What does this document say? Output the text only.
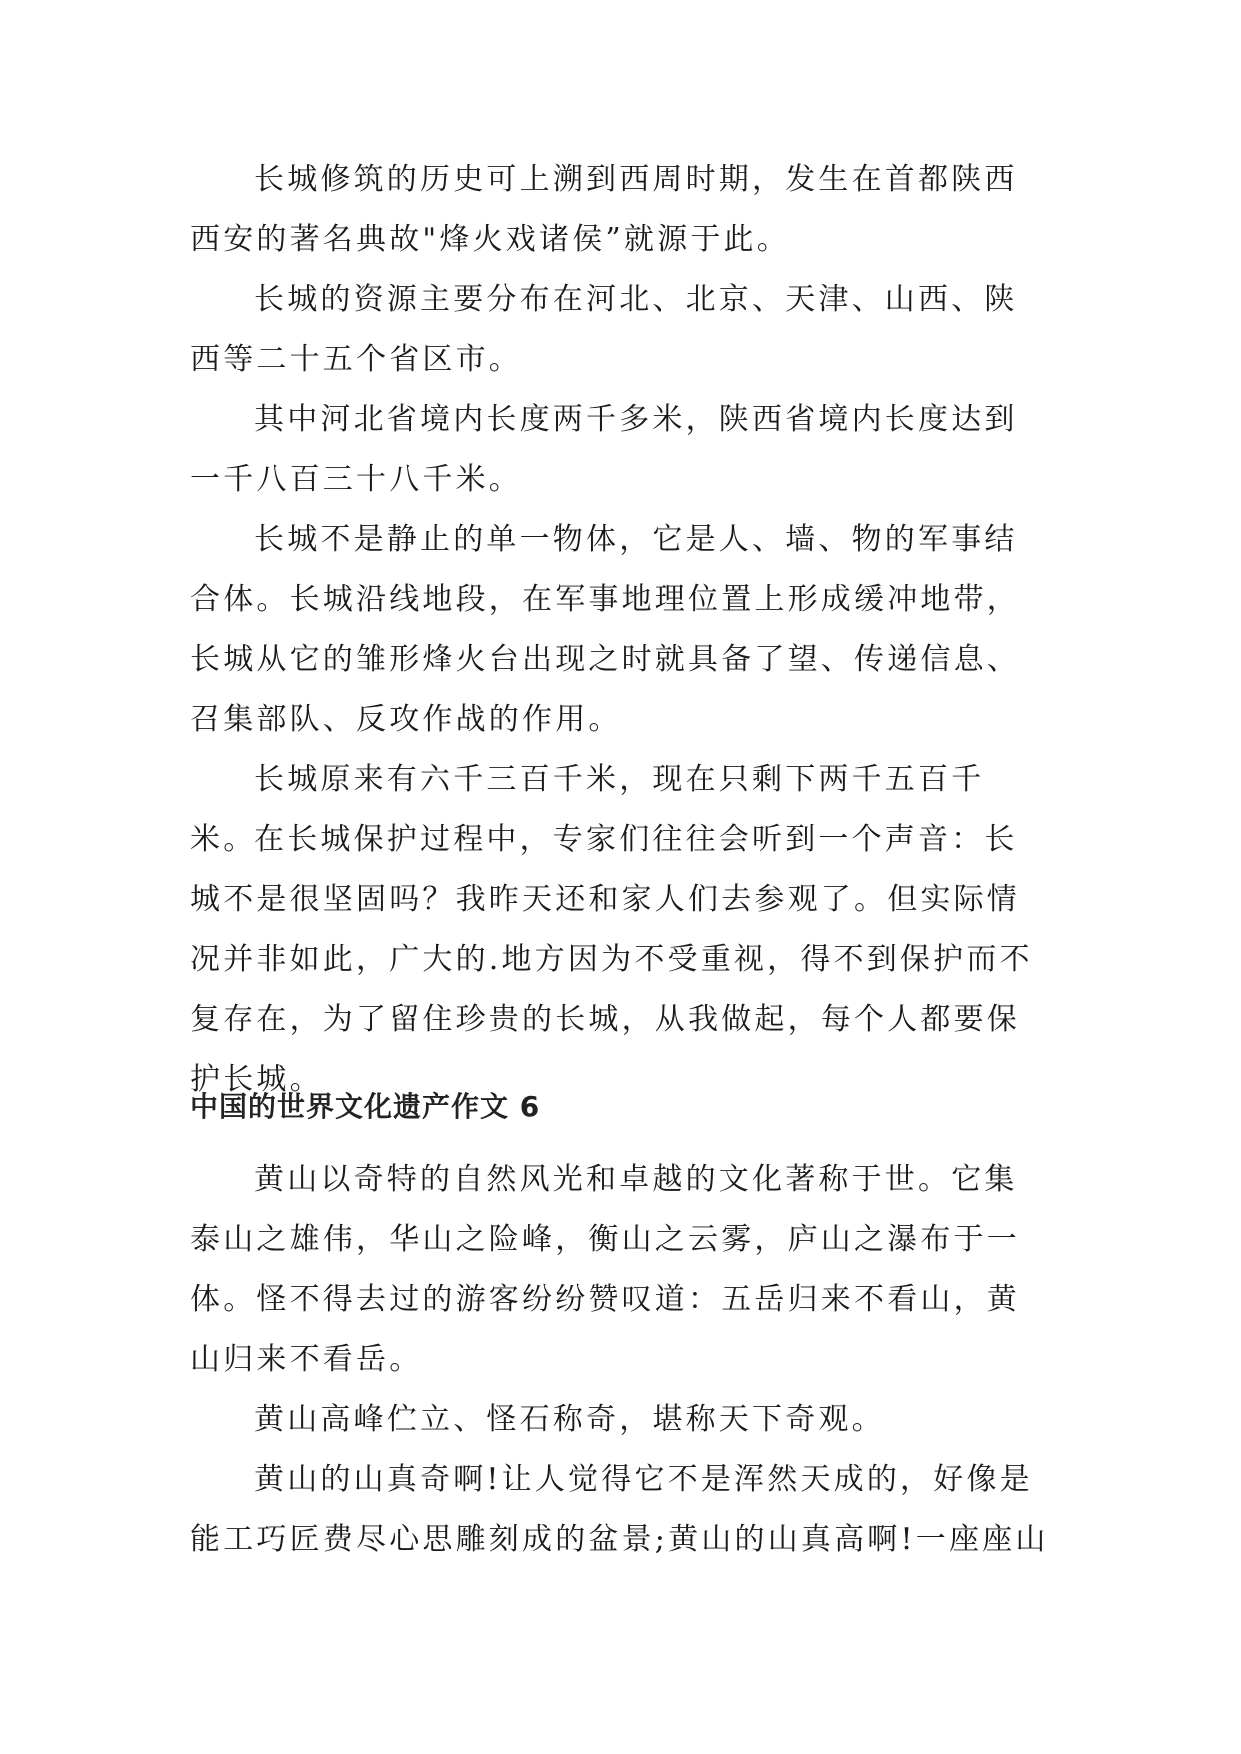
长城修筑的历史可上溯到西周时期，发生在首都陕西西安的著名典故"烽火戏诸侯”就源于此。

长城的资源主要分布在河北、北京、天津、山西、陕西等二十五个省区市。

其中河北省境内长度两千多米，陕西省境内长度达到一千八百三十八千米。

长城不是静止的单一物体，它是人、墙、物的军事结合体。长城沿线地段，在军事地理位置上形成缓冲地带，长城从它的雏形烽火台出现之时就具备了望、传递信息、召集部队、反攻作战的作用。

长城原来有六千三百千米，现在只剩下两千五百千米。

在长城保护过程中，专家们往往会听到一个声音：长城不是很坚固吗？我昨天还和家人们去参观了。但实际情况并非如此，广大的.地方因为不受重视，得不到保护而不复存在，为了留住珍贵的长城，从我做起，每个人都要保护长城。

中国的世界文化遗产作文 6

黄山以奇特的自然风光和卓越的文化著称于世。它集泰山之雄伟，华山之险峰，衡山之云雾，庐山之瀑布于一体。怪不得去过的游客纷纷赞叹道：五岳归来不看山，黄山归来不看岳。

黄山高峰伫立、怪石称奇，堪称天下奇观。

黄山的山真奇啊!让人觉得它不是浑然天成的，好像是能工巧匠费尽心思雕刻成的盆景;黄山的山真高啊!一座座山
